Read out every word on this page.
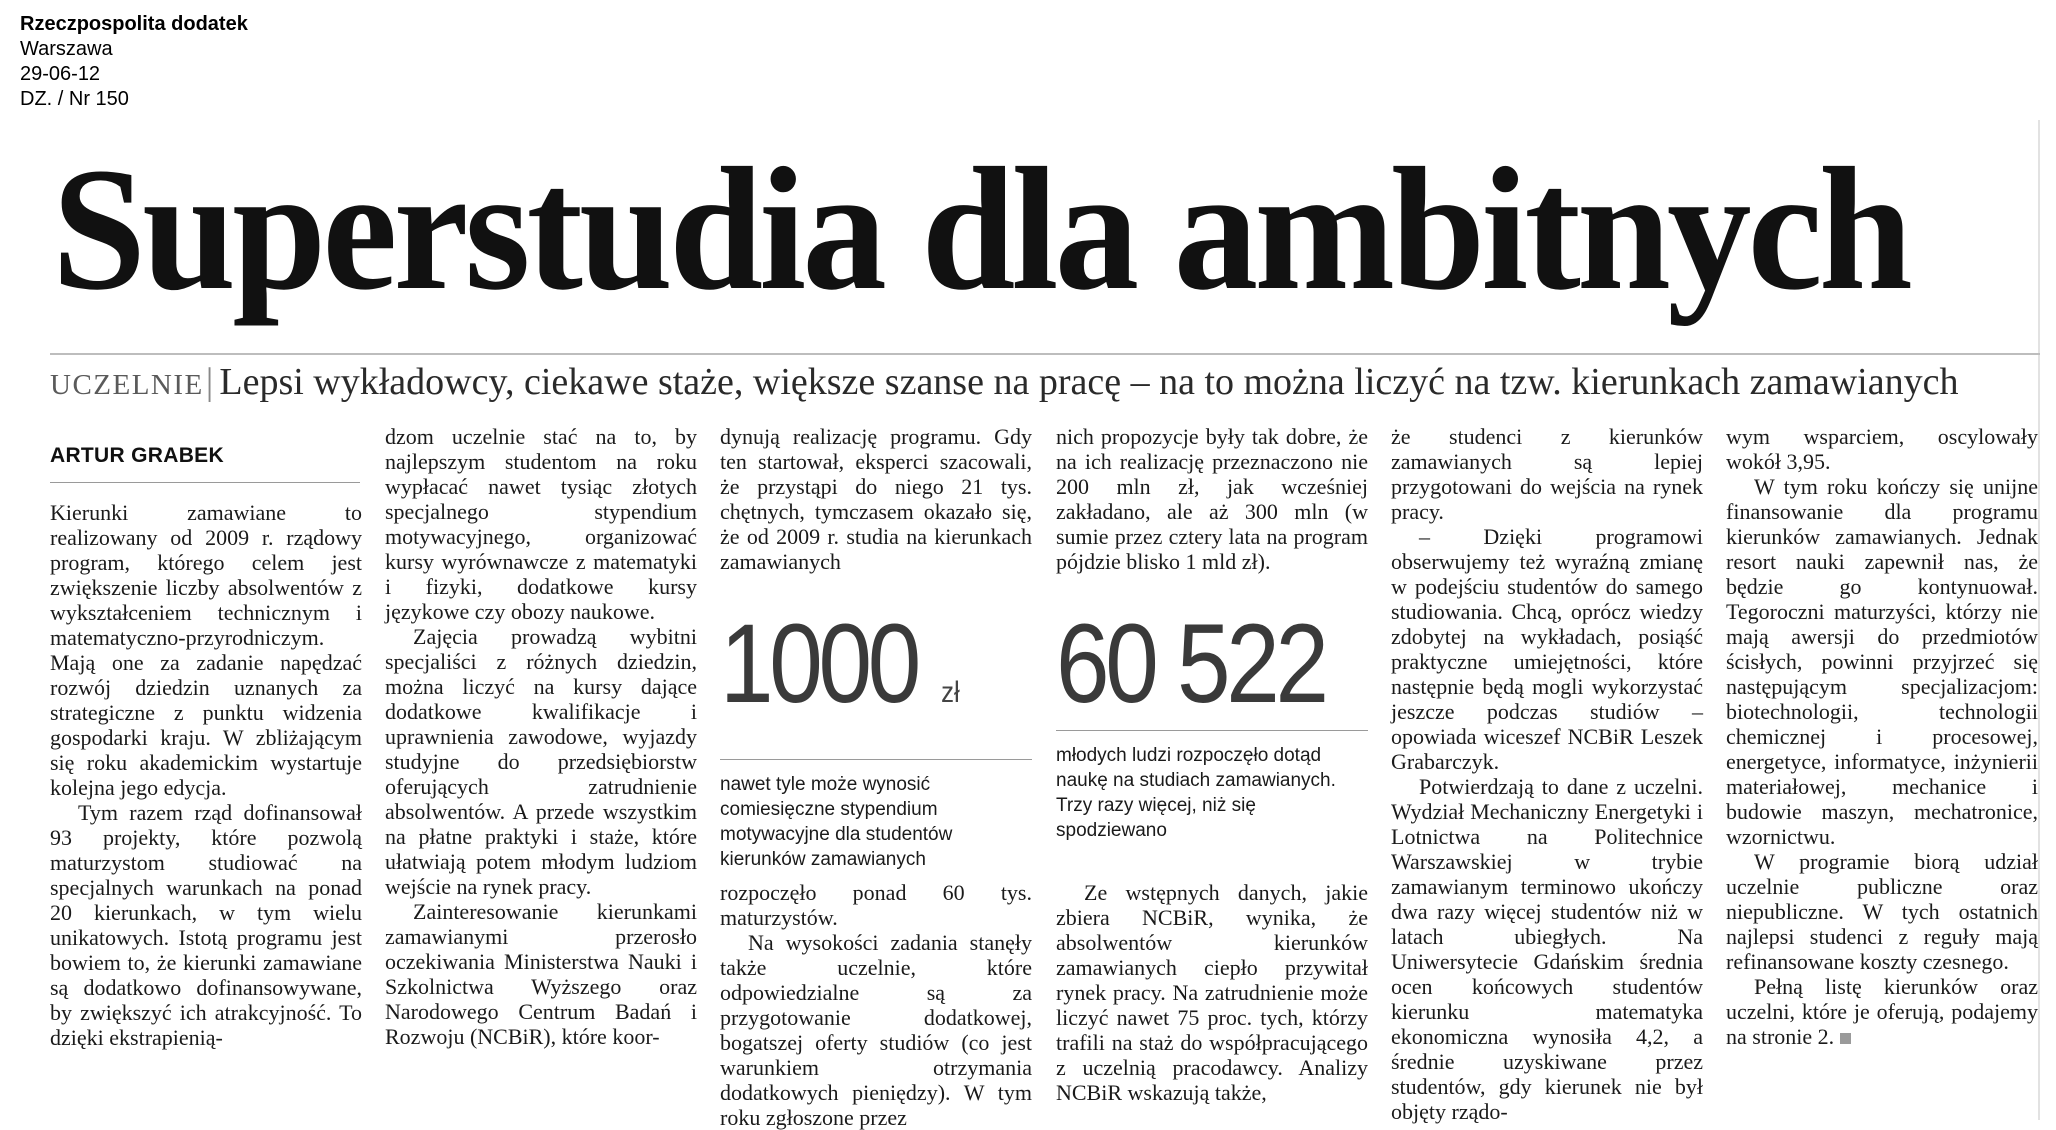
Rzeczpospolita dodatek
Warszawa
29-06-12
DZ. / Nr 150
Superstudia dla ambitnych
UCZELNIE| Lepsi wykładowcy, ciekawe staże, większe szanse na pracę – na to można liczyć na tzw. kierunkach zamawianych
ARTUR GRABEK

Kierunki zamawiane to realizowany od 2009 r. rządowy program, którego celem jest zwiększenie liczby absolwentów z wykształceniem technicznym i matematyczno-przyrodniczym. Mają one za zadanie napędzać rozwój dziedzin uznanych za strategiczne z punktu widzenia gospodarki kraju. W zbliżającym się roku akademickim wystartuje kolejna jego edycja.

Tym razem rząd dofinansował 93 projekty, które pozwolą maturzystom studiować na specjalnych warunkach na ponad 20 kierunkach, w tym wielu unikatowych. Istotą programu jest bowiem to, że kierunki zamawiane są dodatkowo dofinansowywane, by zwiększyć ich atrakcyjność. To dzięki ekstrapienią-

dzom uczelnie stać na to, by najlepszym studentom na roku wypłacać nawet tysiąc złotych specjalnego stypendium motywacyjnego, organizować kursy wyrównawcze z matematyki i fizyki, dodatkowe kursy językowe czy obozy naukowe.

Zajęcia prowadzą wybitni specjaliści z różnych dziedzin, można liczyć na kursy dające dodatkowe kwalifikacje i uprawnienia zawodowe, wyjazdy studyjne do przedsiębiorstw oferujących zatrudnienie absolwentów. A przede wszystkim na płatne praktyki i staże, które ułatwiają potem młodym ludziom wejście na rynek pracy.

Zainteresowanie kierunkami zamawianymi przerosło oczekiwania Ministerstwa Nauki i Szkolnictwa Wyższego oraz Narodowego Centrum Badań i Rozwoju (NCBiR), które koor-

dynują realizację programu. Gdy ten startował, eksperci szacowali, że przystąpi do niego 21 tys. chętnych, tymczasem okazało się, że od 2009 r. studia na kierunkach zamawianych

1000 zł
nawet tyle może wynosić comiesięczne stypendium motywacyjne dla studentów kierunków zamawianych

rozpoczęło ponad 60 tys. maturzystów.

Na wysokości zadania stanęły także uczelnie, które odpowiedzialne są za przygotowanie dodatkowej, bogatszej oferty studiów (co jest warunkiem otrzymania dodatkowych pieniędzy). W tym roku zgłoszone przez

nich propozycje były tak dobre, że na ich realizację przeznaczono nie 200 mln zł, jak wcześniej zakładano, ale aż 300 mln (w sumie przez cztery lata na program pójdzie blisko 1 mld zł).

60 522
młodych ludzi rozpoczęło dotąd naukę na studiach zamawianych. Trzy razy więcej, niż się spodziewano

Ze wstępnych danych, jakie zbiera NCBiR, wynika, że absolwentów kierunków zamawianych ciepło przywitał rynek pracy. Na zatrudnienie może liczyć nawet 75 proc. tych, którzy trafili na staż do współpracującego z uczelnią pracodawcy. Analizy NCBiR wskazują także,

że studenci z kierunków zamawianych są lepiej przygotowani do wejścia na rynek pracy.

– Dzięki programowi obserwujemy też wyraźną zmianę w podejściu studentów do samego studiowania. Chcą, oprócz wiedzy zdobytej na wykładach, posiąść praktyczne umiejętności, które następnie będą mogli wykorzystać jeszcze podczas studiów – opowiada wiceszef NCBiR Leszek Grabarczyk.

Potwierdzają to dane z uczelni. Wydział Mechaniczny Energetyki i Lotnictwa na Politechnice Warszawskiej w trybie zamawianym terminowo ukończy dwa razy więcej studentów niż w latach ubiegłych. Na Uniwersytecie Gdańskim średnia ocen końcowych studentów kierunku matematyka ekonomiczna wynosiła 4,2, a średnie uzyskiwane przez studentów, gdy kierunek nie był objęty rządo-

wym wsparciem, oscylowały wokół 3,95.

W tym roku kończy się unijne finansowanie dla programu kierunków zamawianych. Jednak resort nauki zapewnił nas, że będzie go kontynuował. Tegoroczni maturzyści, którzy nie mają awersji do przedmiotów ścisłych, powinni przyjrzeć się następującym specjalizacjom: biotechnologii, technologii chemicznej i procesowej, energetyce, informatyce, inżynierii materiałowej, mechanice i budowie maszyn, mechatronice, wzornictwu.

W programie biorą udział uczelnie publiczne oraz niepubliczne. W tych ostatnich najlepsi studenci z reguły mają refinansowane koszty czesnego.

Pełną listę kierunków oraz uczelni, które je oferują, podajemy na stronie 2.
